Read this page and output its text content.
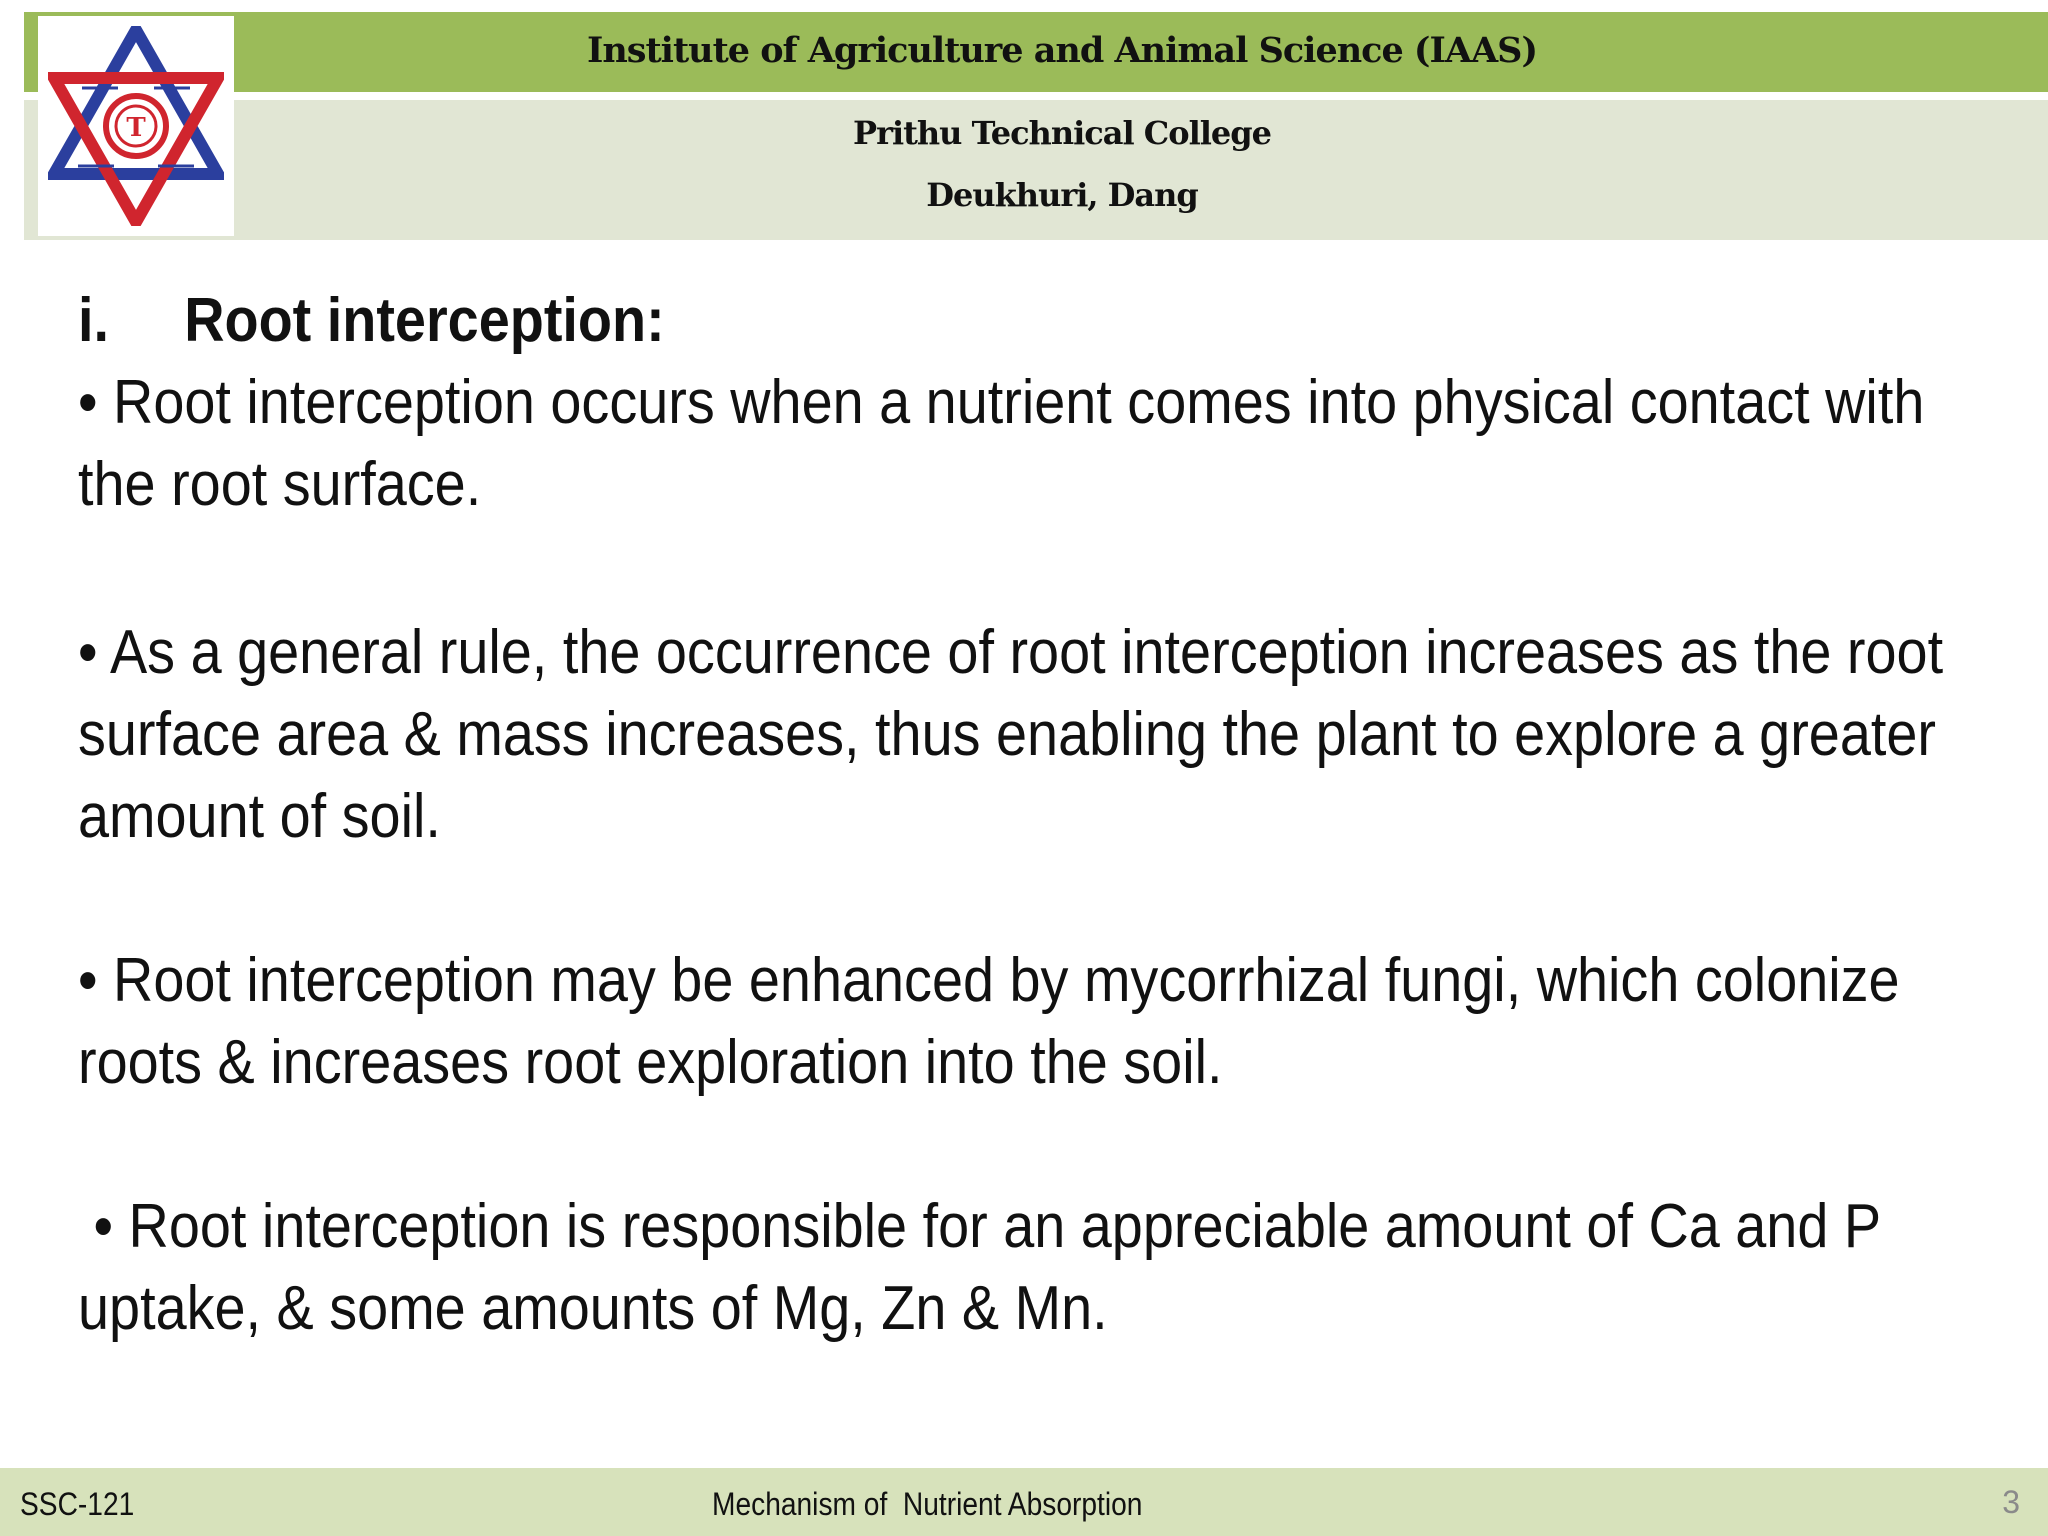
Institute of Agriculture and Animal Science (IAAS)
Prithu Technical College
Deukhuri, Dang
T
i. Root interception:
• Root interception occurs when a nutrient comes into physical contact with the root surface.
• As a general rule, the occurrence of root interception increases as the root surface area & mass increases, thus enabling the plant to explore a greater amount of soil.
• Root interception may be enhanced by mycorrhizal fungi, which colonize roots & increases root exploration into the soil.
• Root interception is responsible for an appreciable amount of Ca and P uptake, & some amounts of Mg, Zn & Mn.
SSC-121	Mechanism of  Nutrient Absorption	3
